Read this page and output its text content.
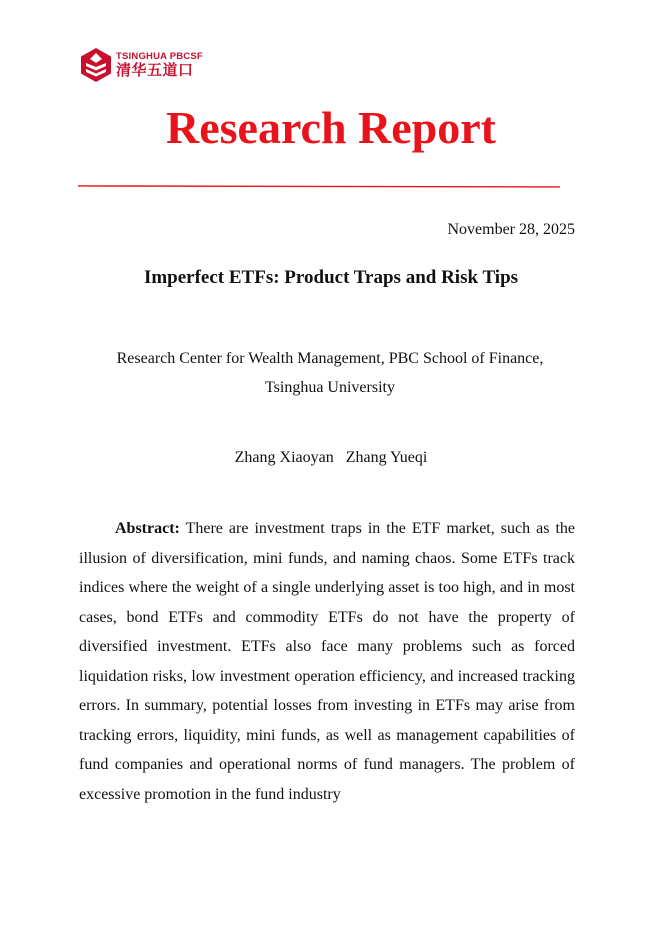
TSINGHUA PBCSF
清华五道口
Research Report
November 28, 2025
Imperfect ETFs: Product Traps and Risk Tips
Research Center for Wealth Management, PBC School of Finance,
Tsinghua University
Zhang Xiaoyan   Zhang Yueqi

Abstract: There are investment traps in the ETF market, such as the illusion of diversification, mini funds, and naming chaos. Some ETFs track indices where the weight of a single underlying asset is too high, and in most cases, bond ETFs and commodity ETFs do not have the property of diversified investment. ETFs also face many problems such as forced liquidation risks, low investment operation efficiency, and increased tracking errors. In summary, potential losses from investing in ETFs may arise from tracking errors, liquidity, mini funds, as well as management capabilities of fund companies and operational norms of fund managers. The problem of excessive promotion in the fund industry
